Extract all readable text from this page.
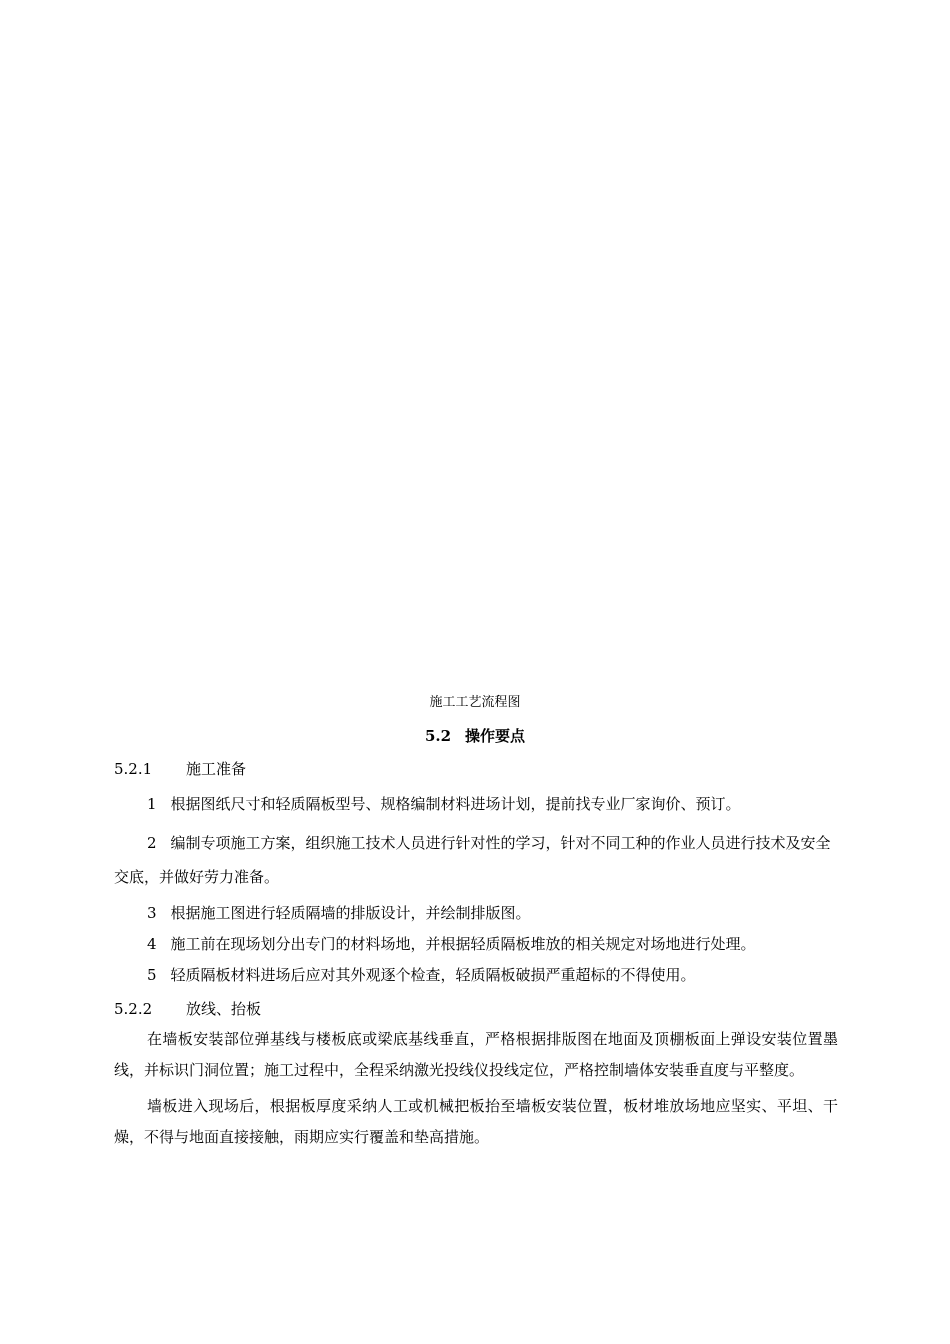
施工工艺流程图
5.2 操作要点
5.2.1 施工准备
1 根据图纸尺寸和轻质隔板型号、规格编制材料进场计划，提前找专业厂家询价、预订。
2 编制专项施工方案，组织施工技术人员进行针对性的学习，针对不同工种的作业人员进行技术及安全交底，并做好劳力准备。
3 根据施工图进行轻质隔墙的排版设计，并绘制排版图。
4 施工前在现场划分出专门的材料场地，并根据轻质隔板堆放的相关规定对场地进行处理。
5 轻质隔板材料进场后应对其外观逐个检查，轻质隔板破损严重超标的不得使用。
5.2.2 放线、抬板
在墙板安装部位弹基线与楼板底或梁底基线垂直，严格根据排版图在地面及顶棚板面上弹设安装位置墨线，并标识门洞位置；施工过程中，全程采纳激光投线仪投线定位，严格控制墙体安装垂直度与平整度。
墙板进入现场后，根据板厚度采纳人工或机械把板抬至墙板安装位置，板材堆放场地应坚实、平坦、干燥，不得与地面直接接触，雨期应实行覆盖和垫高措施。
